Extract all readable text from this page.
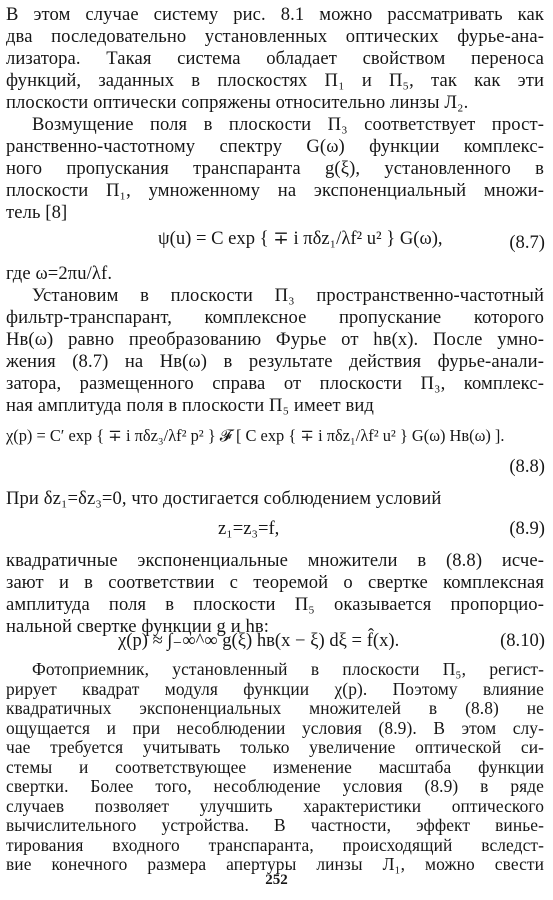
В этом случае систему рис. 8.1 можно рассматривать как
два последовательно установленных оптических фурье-ана-
лизатора. Такая система обладает свойством переноса
функций, заданных в плоскостях П₁ и П₅, так как эти
плоскости оптически сопряжены относительно линзы Л₂.
Возмущение поля в плоскости П₃ соответствует прост-
ранственно-частотному спектру G(ω) функции комплекс-
ного пропускания транспаранта g(ξ), установленного в
плоскости П₁, умноженному на экспоненциальный множи-
тель [8]
ψ(u) = C exp { ∓ i πδz₁/λf² u² } G(ω),	(8.7)
где ω=2πu/λf.
Установим в плоскости П₃ пространственно-частотный
фильтр-транспарант, комплексное пропускание которого
Hв(ω) равно преобразованию Фурье от hв(x). После умно-
жения (8.7) на Hв(ω) в результате действия фурье-анали-
затора, размещенного справа от плоскости П₃, комплекс-
ная амплитуда поля в плоскости П₅ имеет вид
χ(p) = C′ exp { ∓ i πδz₃/λf² p² } 𝓕 [ C exp { ∓ i πδz₁/λf² u² } G(ω) Hв(ω) ].
(8.8)
При δz₁=δz₃=0, что достигается соблюдением условий
z₁=z₃=f,	(8.9)
квадратичные экспоненциальные множители в (8.8) исче-
зают и в соответствии с теоремой о свертке комплексная
амплитуда поля в плоскости П₅ оказывается пропорцио-
нальной свертке функции g и hв:
χ(p) ≈ ∫₋∞^∞ g(ξ) hв(x − ξ) dξ = f̂(x).	(8.10)
252
Фотоприемник, установленный в плоскости П₅, регист-
рирует квадрат модуля функции χ(p). Поэтому влияние
квадратичных экспоненциальных множителей в (8.8) не
ощущается и при несоблюдении условия (8.9). В этом слу-
чае требуется учитывать только увеличение оптической си-
стемы и соответствующее изменение масштаба функции
свертки. Более того, несоблюдение условия (8.9) в ряде
случаев позволяет улучшить характеристики оптического
вычислительного устройства. В частности, эффект винье-
тирования входного транспаранта, происходящий вследст-
вие конечного размера апертуры линзы Л₁, можно свести
